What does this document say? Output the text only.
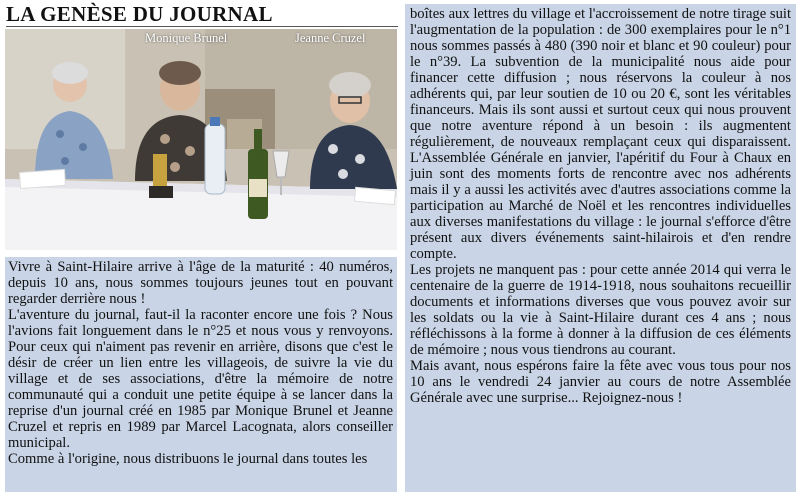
LA GENÈSE DU JOURNAL
Monique Brunel	Jeanne Cruzel

Vivre à Saint-Hilaire arrive à l'âge de la maturité : 40 numéros, depuis 10 ans, nous sommes toujours jeunes tout en pouvant regarder derrière nous !

L'aventure du journal, faut-il la raconter encore une fois ? Nous l'avions fait longuement dans le n°25 et nous vous y renvoyons. Pour ceux qui n'aiment pas revenir en arrière, disons que c'est le désir de créer un lien entre les villageois, de suivre la vie du village et de ses associations, d'être la mémoire de notre communauté qui a conduit une petite équipe à se lancer dans la reprise d'un journal créé en 1985 par Monique Brunel et Jeanne Cruzel et repris en 1989 par Marcel Lacognata, alors conseiller municipal.

Comme à l'origine, nous distribuons le journal dans toutes les

boîtes aux lettres du village et l'accroissement de notre tirage suit l'augmentation de la population : de 300 exemplaires pour le n°1 nous sommes passés à 480 (390 noir et blanc et 90 couleur) pour le n°39. La subvention de la municipalité nous aide pour financer cette diffusion ; nous réservons la couleur à nos adhérents qui, par leur soutien de 10 ou 20 €, sont les véritables financeurs. Mais ils sont aussi et surtout ceux qui nous prouvent que notre aventure répond à un besoin : ils augmentent régulièrement, de nouveaux remplaçant ceux qui disparaissent. L'Assemblée Générale en janvier, l'apéritif du Four à Chaux en juin sont des moments forts de rencontre avec nos adhérents mais il y a aussi les activités avec d'autres associations comme la participation au Marché de Noël et les rencontres individuelles aux diverses manifestations du village : le journal s'efforce d'être présent aux divers événements saint-hilairois et d'en rendre compte.

Les projets ne manquent pas : pour cette année 2014 qui verra le centenaire de la guerre de 1914-1918, nous souhaitons recueillir documents et informations diverses que vous pouvez avoir sur les soldats ou la vie à Saint-Hilaire durant ces 4 ans ; nous réfléchissons à la forme à donner à la diffusion de ces éléments de mémoire ; nous vous tiendrons au courant.

Mais avant, nous espérons faire la fête avec vous tous pour nos 10 ans le vendredi 24 janvier au cours de notre Assemblée Générale avec une surprise... Rejoignez-nous !
